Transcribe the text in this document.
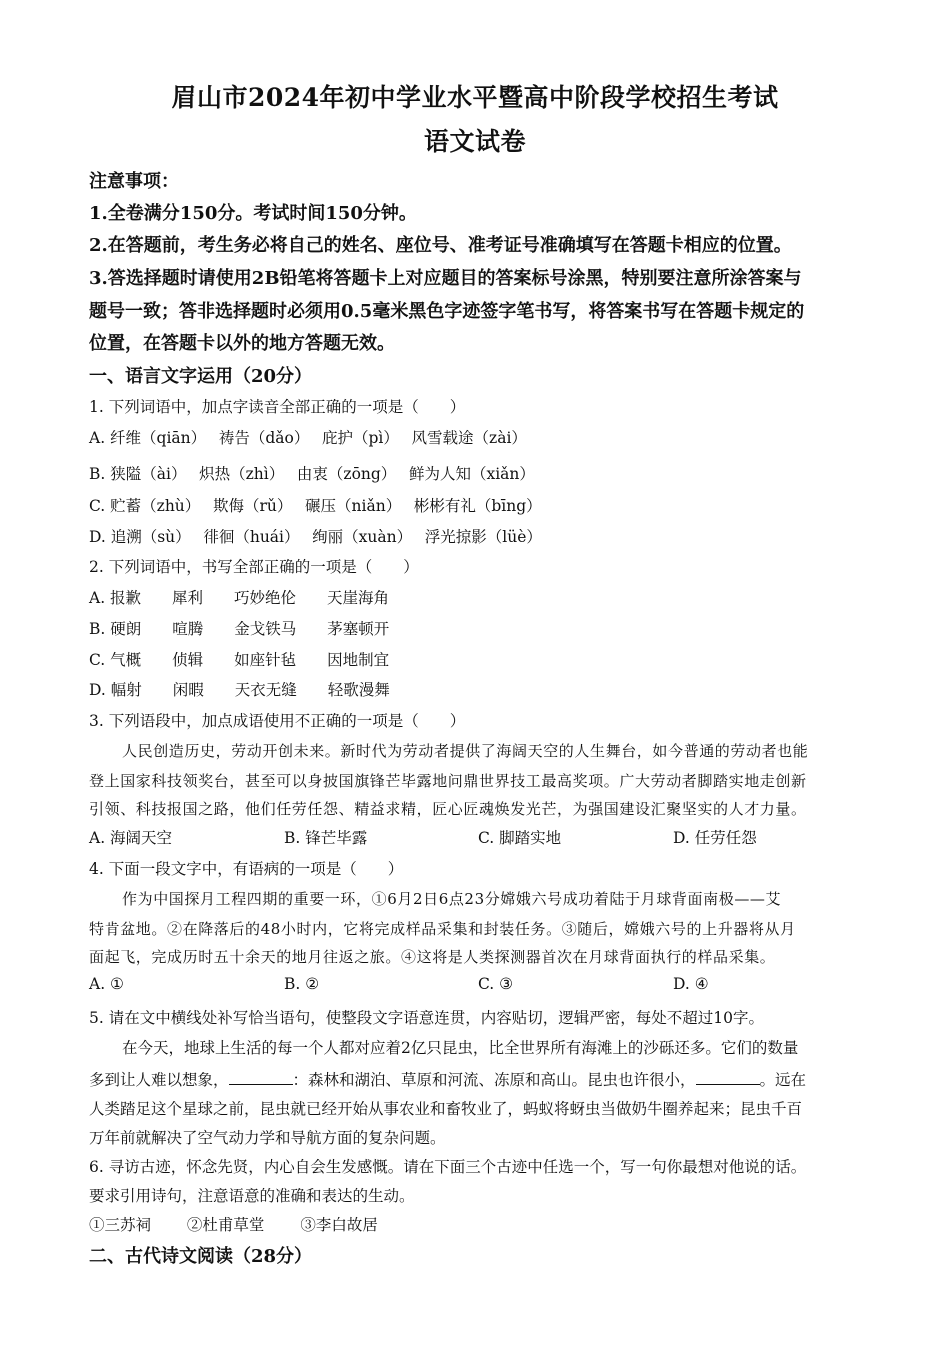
眉山市2024年初中学业水平暨高中阶段学校招生考试
语文试卷
注意事项：
1.全卷满分150分。考试时间150分钟。
2.在答题前，考生务必将自己的姓名、座位号、准考证号准确填写在答题卡相应的位置。
3.答选择题时请使用2B铅笔将答题卡上对应题目的答案标号涂黑，特别要注意所涂答案与
题号一致；答非选择题时必须用0.5毫米黑色字迹签字笔书写，将答案书写在答题卡规定的
位置，在答题卡以外的地方答题无效。
一、语言文字运用（20分）
1. 下列词语中，加点字读音全部正确的一项是（　　）
A. 纤维（qiān）　 祷告（dǎo）　 庇护（pì）　 风雪载途（zài）
B. 狭隘（ài）　 炽热（zhì）　 由衷（zōng）　 鲜为人知（xiǎn）
C. 贮蓄（zhù）　 欺侮（rǔ）　 碾压（niǎn）　 彬彬有礼（bīng）
D. 追溯（sù）　 徘徊（huái）　 绚丽（xuàn）　 浮光掠影（lüè）
2. 下列词语中，书写全部正确的一项是（　　）
A. 报歉　　犀利　　巧妙绝伦　　天崖海角
B. 硬朗　　喧腾　　金戈铁马　　茅塞顿开
C. 气概　　侦辑　　如座针毡　　因地制宜
D. 幅射　　闲暇　　天衣无缝　　轻歌漫舞
3. 下列语段中，加点成语使用不正确的一项是（　　）
人民创造历史，劳动开创未来。新时代为劳动者提供了海阔天空的人生舞台，如今普通的劳动者也能
登上国家科技领奖台，甚至可以身披国旗锋芒毕露地问鼎世界技工最高奖项。广大劳动者脚踏实地走创新
引领、科技报国之路，他们任劳任怨、精益求精，匠心匠魂焕发光芒，为强国建设汇聚坚实的人才力量。
A. 海阔天空	B. 锋芒毕露	C. 脚踏实地	D. 任劳任怨
4. 下面一段文字中，有语病的一项是（　　）
作为中国探月工程四期的重要一环，①6月2日6点23分嫦娥六号成功着陆于月球背面南极——艾
特肯盆地。②在降落后的48小时内，它将完成样品采集和封装任务。③随后，嫦娥六号的上升器将从月
面起飞，完成历时五十余天的地月往返之旅。④这将是人类探测器首次在月球背面执行的样品采集。
A. ①	B. ②	C. ③	D. ④
5. 请在文中横线处补写恰当语句，使整段文字语意连贯，内容贴切，逻辑严密，每处不超过10字。
在今天，地球上生活的每一个人都对应着2亿只昆虫，比全世界所有海滩上的沙砾还多。它们的数量
多到让人难以想象，	：森林和湖泊、草原和河流、冻原和高山。昆虫也许很小，	。远在
人类踏足这个星球之前，昆虫就已经开始从事农业和畜牧业了，蚂蚁将蚜虫当做奶牛圈养起来；昆虫千百
万年前就解决了空气动力学和导航方面的复杂问题。
6. 寻访古迹，怀念先贤，内心自会生发感慨。请在下面三个古迹中任选一个，写一句你最想对他说的话。
要求引用诗句，注意语意的准确和表达的生动。
①三苏祠　　 ②杜甫草堂　　 ③李白故居
二、古代诗文阅读（28分）
